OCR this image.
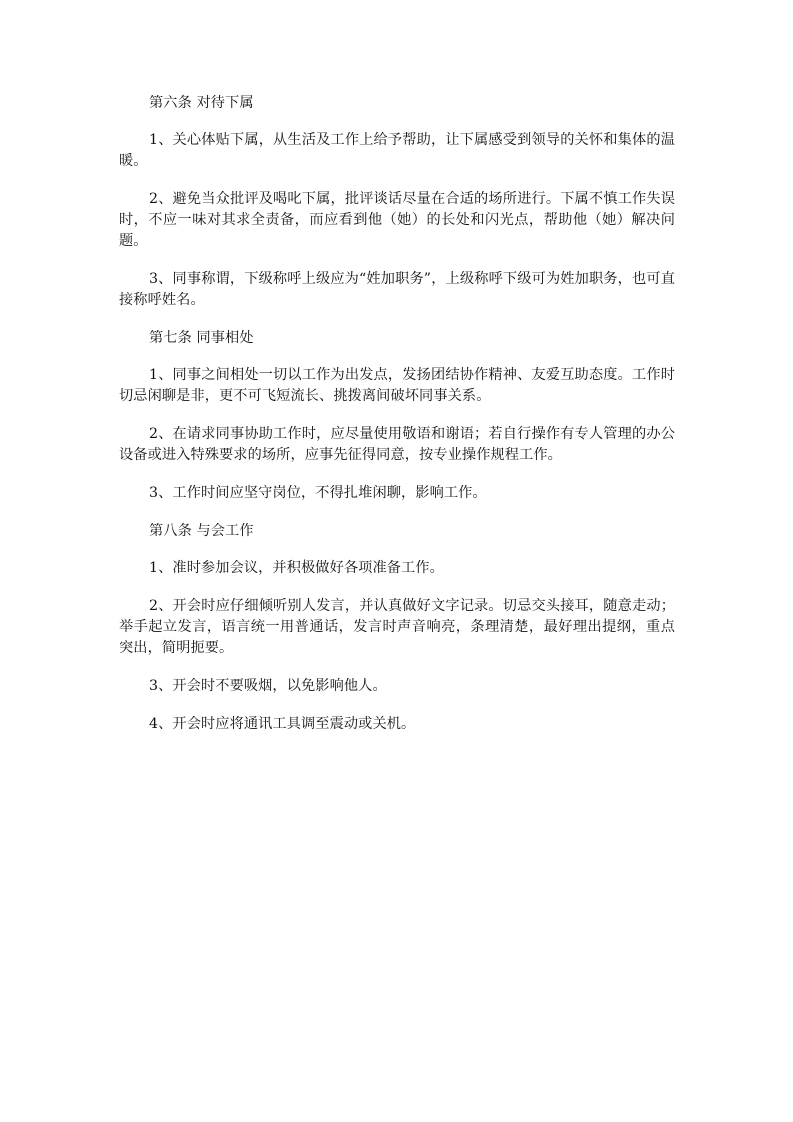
第六条 对待下属

1、关心体贴下属，从生活及工作上给予帮助，让下属感受到领导的关怀和集体的温暖。

2、避免当众批评及喝叱下属，批评谈话尽量在合适的场所进行。下属不慎工作失误时，不应一味对其求全责备，而应看到他（她）的长处和闪光点，帮助他（她）解决问题。

3、同事称谓，下级称呼上级应为“姓加职务”，上级称呼下级可为姓加职务，也可直接称呼姓名。

第七条 同事相处

1、同事之间相处一切以工作为出发点，发扬团结协作精神、友爱互助态度。工作时切忌闲聊是非，更不可飞短流长、挑拨离间破坏同事关系。

2、在请求同事协助工作时，应尽量使用敬语和谢语；若自行操作有专人管理的办公设备或进入特殊要求的场所，应事先征得同意，按专业操作规程工作。

3、工作时间应坚守岗位，不得扎堆闲聊，影响工作。

第八条 与会工作

1、准时参加会议，并积极做好各项准备工作。

2、开会时应仔细倾听别人发言，并认真做好文字记录。切忌交头接耳，随意走动；举手起立发言，语言统一用普通话，发言时声音响亮，条理清楚，最好理出提纲，重点突出，简明扼要。

3、开会时不要吸烟，以免影响他人。

4、开会时应将通讯工具调至震动或关机。
